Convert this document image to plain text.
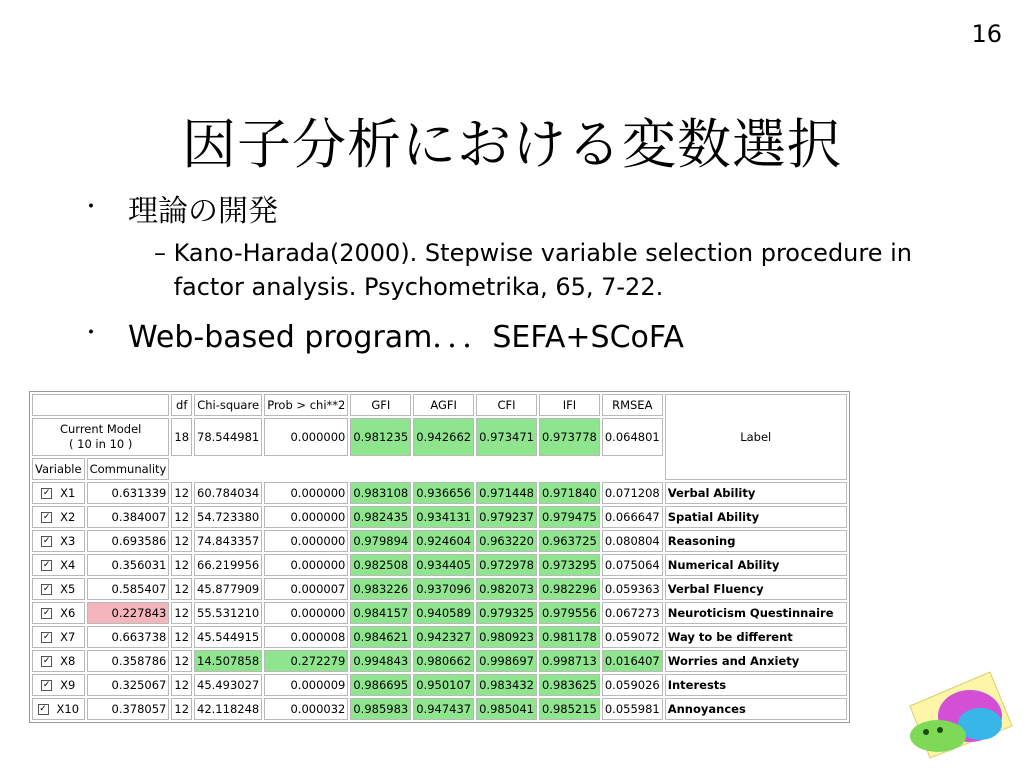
16
因子分析における変数選択
・ 理論の開発
– Kano-Harada(2000). Stepwise variable selection procedure in factor analysis. Psychometrika, 65, 7-22.
・ Web-based program．．．SEFA+SCoFA
		df	Chi-square	Prob > chi**2	GFI	AGFI	CFI	IFI	RMSEA	Label
Current Model
( 10 in 10 )		18	78.544981	0.000000	0.981235	0.942662	0.973471	0.973778	0.064801	
Variable	Communality									
✓ X1	0.631339	12	60.784034	0.000000	0.983108	0.936656	0.971448	0.971840	0.071208	Verbal Ability
✓ X2	0.384007	12	54.723380	0.000000	0.982435	0.934131	0.979237	0.979475	0.066647	Spatial Ability
✓ X3	0.693586	12	74.843357	0.000000	0.979894	0.924604	0.963220	0.963725	0.080804	Reasoning
✓ X4	0.356031	12	66.219956	0.000000	0.982508	0.934405	0.972978	0.973295	0.075064	Numerical Ability
✓ X5	0.585407	12	45.877909	0.000007	0.983226	0.937096	0.982073	0.982296	0.059363	Verbal Fluency
✓ X6	0.227843	12	55.531210	0.000000	0.984157	0.940589	0.979325	0.979556	0.067273	Neuroticism Questinnaire
✓ X7	0.663738	12	45.544915	0.000008	0.984621	0.942327	0.980923	0.981178	0.059072	Way to be different
✓ X8	0.358786	12	14.507858	0.272279	0.994843	0.980662	0.998697	0.998713	0.016407	Worries and Anxiety
✓ X9	0.325067	12	45.493027	0.000009	0.986695	0.950107	0.983432	0.983625	0.059026	Interests
✓ X10	0.378057	12	42.118248	0.000032	0.985983	0.947437	0.985041	0.985215	0.055981	Annoyances
